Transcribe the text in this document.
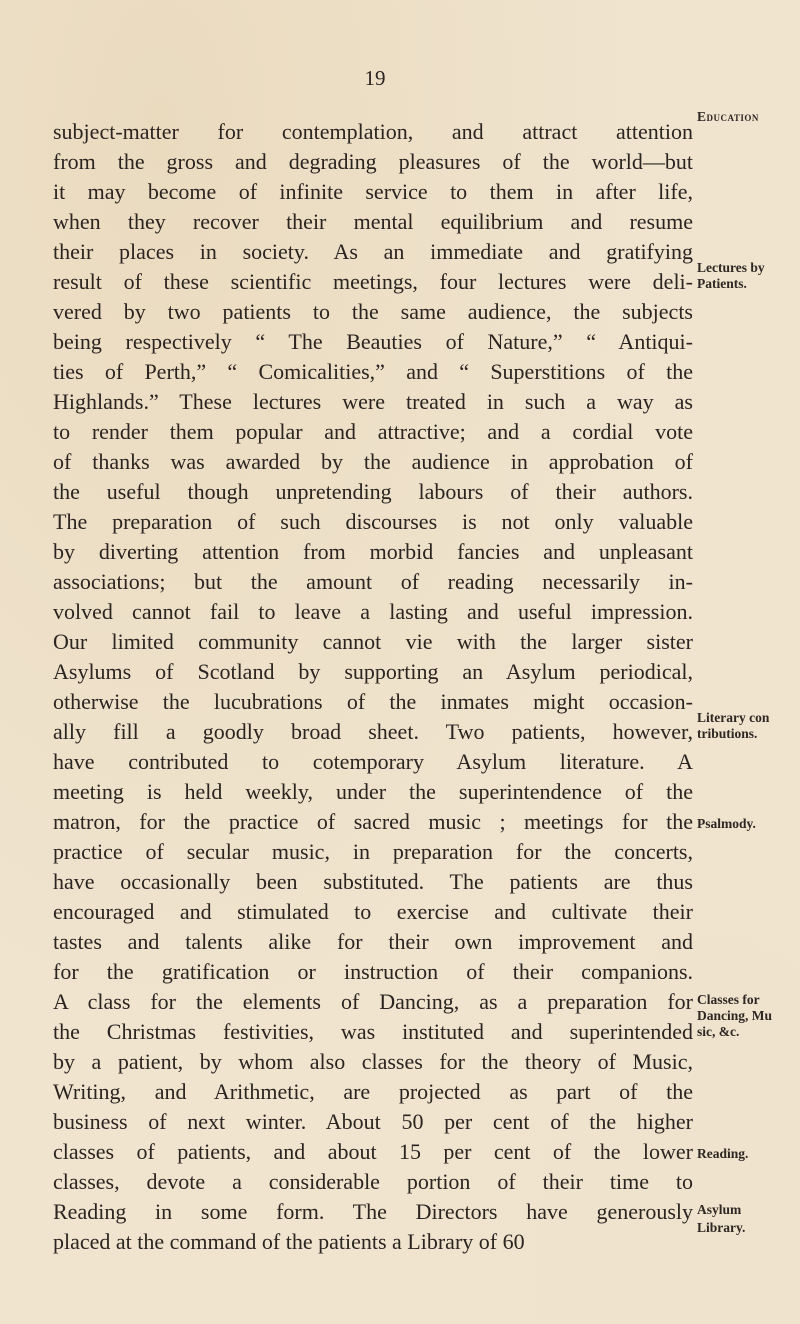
19
subject-matter for contemplation, and attract attention
from the gross and degrading pleasures of the world—but
it may become of infinite service to them in after life,
when they recover their mental equilibrium and resume
their places in society. As an immediate and gratifying
result of these scientific meetings, four lectures were deli-
vered by two patients to the same audience, the subjects
being respectively “ The Beauties of Nature,” “ Antiqui-
ties of Perth,” “ Comicalities,” and “ Superstitions of the
Highlands.” These lectures were treated in such a way as
to render them popular and attractive; and a cordial vote
of thanks was awarded by the audience in approbation of
the useful though unpretending labours of their authors.
The preparation of such discourses is not only valuable
by diverting attention from morbid fancies and unpleasant
associations; but the amount of reading necessarily in-
volved cannot fail to leave a lasting and useful impression.
Our limited community cannot vie with the larger sister
Asylums of Scotland by supporting an Asylum periodical,
otherwise the lucubrations of the inmates might occasion-
ally fill a goodly broad sheet. Two patients, however,
have contributed to cotemporary Asylum literature. A
meeting is held weekly, under the superintendence of the
matron, for the practice of sacred music ; meetings for the
practice of secular music, in preparation for the concerts,
have occasionally been substituted. The patients are thus
encouraged and stimulated to exercise and cultivate their
tastes and talents alike for their own improvement and
for the gratification or instruction of their companions.
A class for the elements of Dancing, as a preparation for
the Christmas festivities, was instituted and superintended
by a patient, by whom also classes for the theory of Music,
Writing, and Arithmetic, are projected as part of the
business of next winter. About 50 per cent of the higher
classes of patients, and about 15 per cent of the lower
classes, devote a considerable portion of their time to
Reading in some form. The Directors have generously
placed at the command of the patients a Library of 60
Education
Lectures by
Patients.
Literary con
tributions.
Psalmody.
Classes for
Dancing, Mu
sic, &c.
Reading.
Asylum
Library.
